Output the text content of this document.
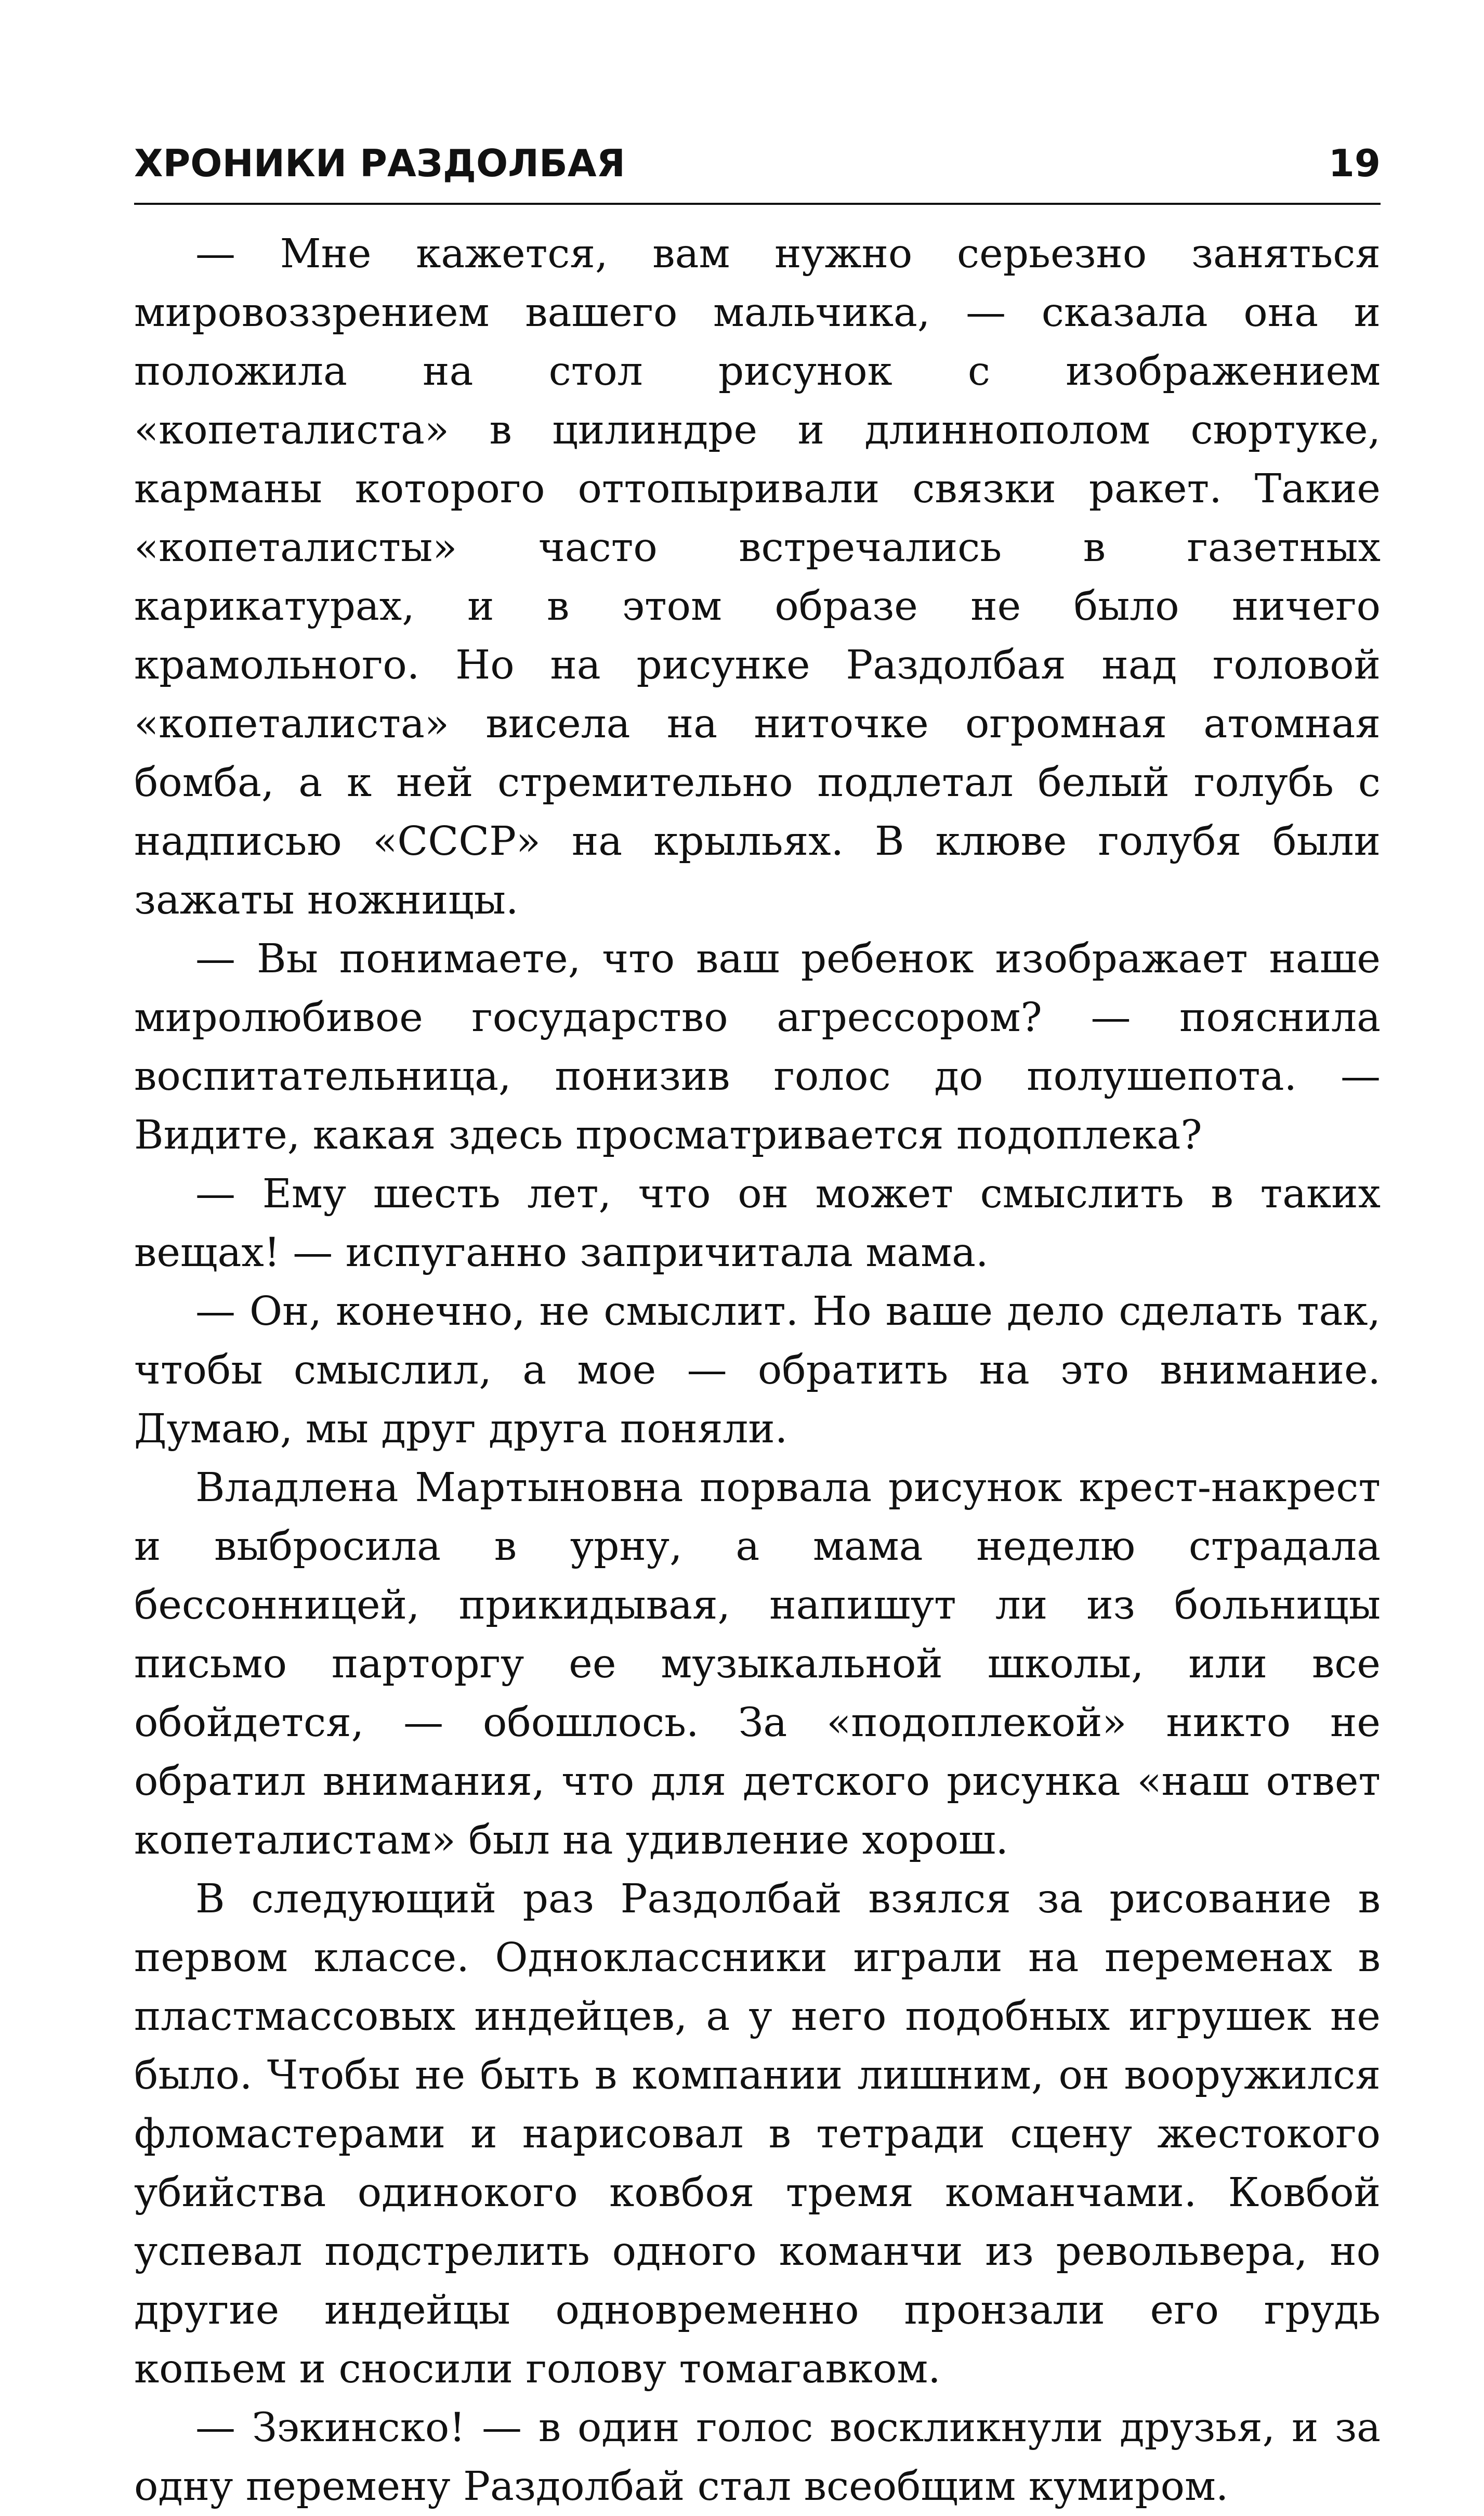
ХРОНИКИ РАЗДОЛБАЯ	19

— Мне кажется, вам нужно серьезно заняться мировоззрением вашего мальчика, — сказала она и положила на стол рисунок с изображением «копеталиста» в цилиндре и длиннополом сюртуке, карманы которого оттопыривали связки ракет. Такие «копеталисты» часто встречались в газетных карикатурах, и в этом образе не было ничего крамольного. Но на рисунке Раздолбая над головой «копеталиста» висела на ниточке огромная атомная бомба, а к ней стремительно подлетал белый голубь с надписью «СССР» на крыльях. В клюве голубя были зажаты ножницы.

— Вы понимаете, что ваш ребенок изображает наше миролюбивое государство агрессором? — пояснила воспитательница, понизив голос до полушепота. — Видите, какая здесь просматривается подоплека?

— Ему шесть лет, что он может смыслить в таких вещах! — испуганно запричитала мама.

— Он, конечно, не смыслит. Но ваше дело сделать так, чтобы смыслил, а мое — обратить на это внимание. Думаю, мы друг друга поняли.

Владлена Мартыновна порвала рисунок крест-накрест и выбросила в урну, а мама неделю страдала бессонницей, прикидывая, напишут ли из больницы письмо парторгу ее музыкальной школы, или все обойдется, — обошлось. За «подоплекой» никто не обратил внимания, что для детского рисунка «наш ответ копеталистам» был на удивление хорош.

В следующий раз Раздолбай взялся за рисование в первом классе. Одноклассники играли на переменах в пластмассовых индейцев, а у него подобных игрушек не было. Чтобы не быть в компании лишним, он вооружился фломастерами и нарисовал в тетради сцену жестокого убийства одинокого ковбоя тремя команчами. Ковбой успевал подстрелить одного команчи из револьвера, но другие индейцы одновременно пронзали его грудь копьем и сносили голову томагавком.

— Зэкинско! — в один голос воскликнули друзья, и за одну перемену Раздолбай стал всеобщим кумиром.
